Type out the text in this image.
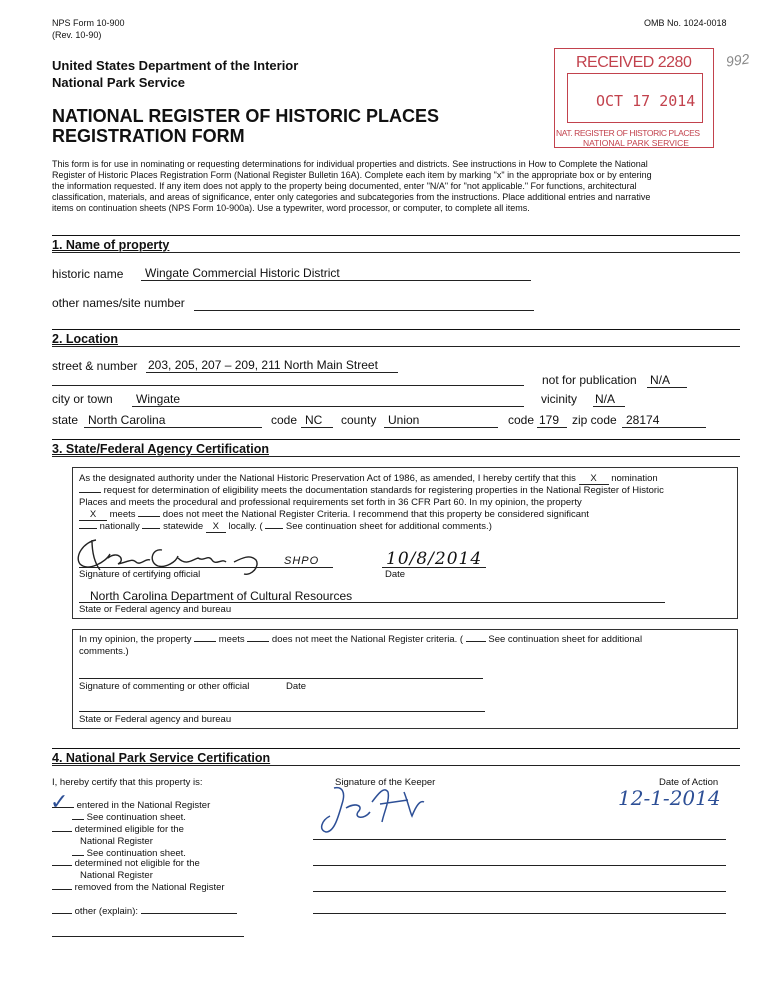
NPS Form 10-900
(Rev. 10-90)
OMB No. 1024-0018
United States Department of the Interior
National Park Service
NATIONAL REGISTER OF HISTORIC PLACES
REGISTRATION FORM
RECEIVED 2280
OCT 17 2014
NAT. REGISTER OF HISTORIC PLACES
NATIONAL PARK SERVICE
992
This form is for use in nominating or requesting determinations for individual properties and districts. See instructions in How to Complete the National
Register of Historic Places Registration Form (National Register Bulletin 16A). Complete each item by marking "x" in the appropriate box or by entering
the information requested. If any item does not apply to the property being documented, enter "N/A" for "not applicable." For functions, architectural
classification, materials, and areas of significance, enter only categories and subcategories from the instructions. Place additional entries and narrative
items on continuation sheets (NPS Form 10-900a). Use a typewriter, word processor, or computer, to complete all items.
1. Name of property
historic name	Wingate Commercial Historic District
other names/site number
2. Location
street & number 203, 205, 207 – 209, 211 North Main Street
not for publication N/A
city or town	Wingate	vicinity N/A
state North Carolina	code NC	county Union	code 179	zip code 28174
3. State/Federal Agency Certification
As the designated authority under the National Historic Preservation Act of 1986, as amended, I hereby certify that this X nomination
request for determination of eligibility meets the documentation standards for registering properties in the National Register of Historic
Places and meets the procedural and professional requirements set forth in 36 CFR Part 60. In my opinion, the property
X meets	does not meet the National Register Criteria. I recommend that this property be considered significant
nationally statewide X locally. ( See continuation sheet for additional comments.)
SHPO	10/8/2014
Signature of certifying official	Date
North Carolina Department of Cultural Resources
State or Federal agency and bureau
In my opinion, the property	meets	does not meet the National Register criteria. (	See continuation sheet for additional
comments.)
Signature of commenting or other official	Date
State or Federal agency and bureau
4. National Park Service Certification
I, hereby certify that this property is:	Signature of the Keeper	Date of Action
12-1-2014
✓ entered in the National Register
See continuation sheet.
determined eligible for the
National Register
See continuation sheet.
determined not eligible for the
National Register
removed from the National Register
other (explain):
